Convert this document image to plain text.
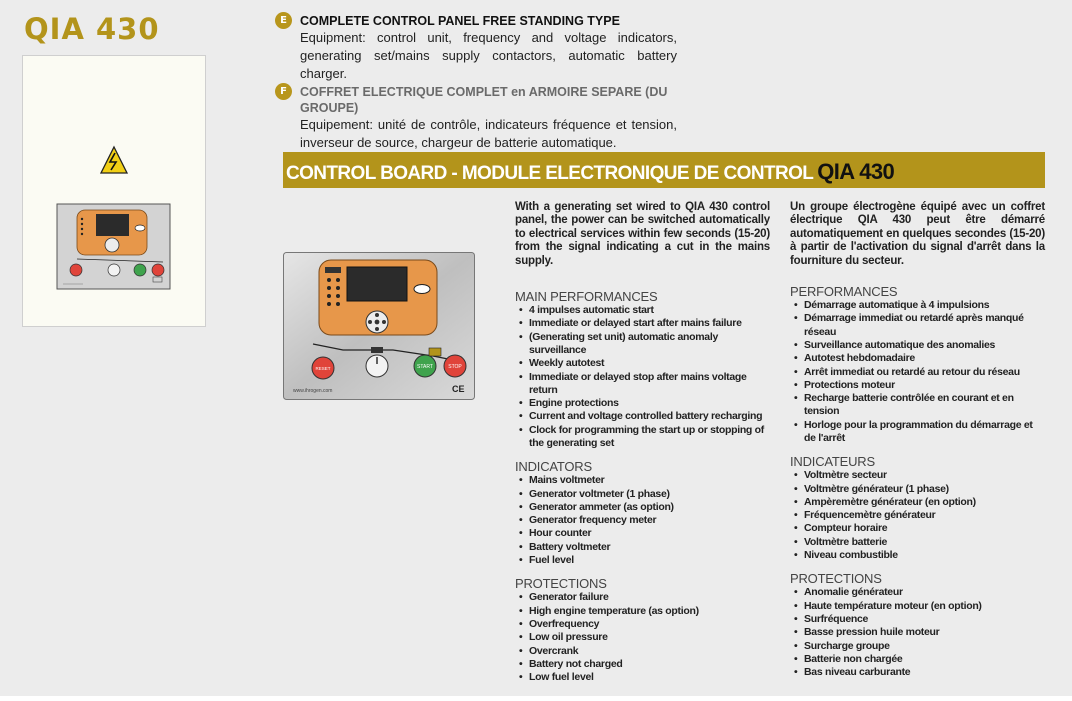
QIA 430	E	COMPLETE CONTROL PANEL FREE STANDING TYPE
Equipment: control unit, frequency and voltage indicators, generating set/mains supply contactors, automatic battery charger.
F	COFFRET ELECTRIQUE COMPLET en ARMOIRE SEPARE (DU GROUPE)
Equipement: unité de contrôle, indicateurs fréquence et tension, inverseur de source, chargeur de batterie automatique.
CONTROL BOARD - MODULE ELECTRONIQUE DE CONTROL QIA 430
RESET	START	STOP
www.ihrogen.com	CE
With a generating set wired to QIA 430 control panel, the power can be switched automatically to electrical services within few seconds (15-20) from the signal indicating a cut in the mains supply.
MAIN PERFORMANCES
• 4 impulses automatic start
• Immediate or delayed start after mains failure
• (Generating set unit) automatic anomaly surveillance
• Weekly autotest
• Immediate or delayed stop after mains voltage return
• Engine protections
• Current and voltage controlled battery recharging
• Clock for programming the start up or stopping of the generating set
INDICATORS
• Mains voltmeter
• Generator voltmeter (1 phase)
• Generator ammeter (as option)
• Generator frequency meter
• Hour counter
• Battery voltmeter
• Fuel level
PROTECTIONS
• Generator failure
• High engine temperature (as option)
• Overfrequency
• Low oil pressure
• Overcrank
• Battery not charged
• Low fuel level
Un groupe électrogène équipé avec un coffret électrique QIA 430 peut être démarré automatiquement en quelques secondes (15-20) à partir de l'activation du signal d'arrêt dans la fourniture du secteur.
PERFORMANCES
• Démarrage automatique à 4 impulsions
• Démarrage immediat ou retardé après manqué réseau
• Surveillance automatique des anomalies
• Autotest hebdomadaire
• Arrêt immediat ou retardé au retour du réseau
• Protections moteur
• Recharge batterie contrôlée en courant et en tension
• Horloge pour la programmation du démarrage et de l'arrêt
INDICATEURS
• Voltmètre secteur
• Voltmètre générateur (1 phase)
• Ampèremètre générateur (en option)
• Fréquencemètre générateur
• Compteur horaire
• Voltmètre batterie
• Niveau combustible
PROTECTIONS
• Anomalie générateur
• Haute température moteur (en option)
• Surfréquence
• Basse pression huile moteur
• Surcharge groupe
• Batterie non chargée
• Bas niveau carburante
